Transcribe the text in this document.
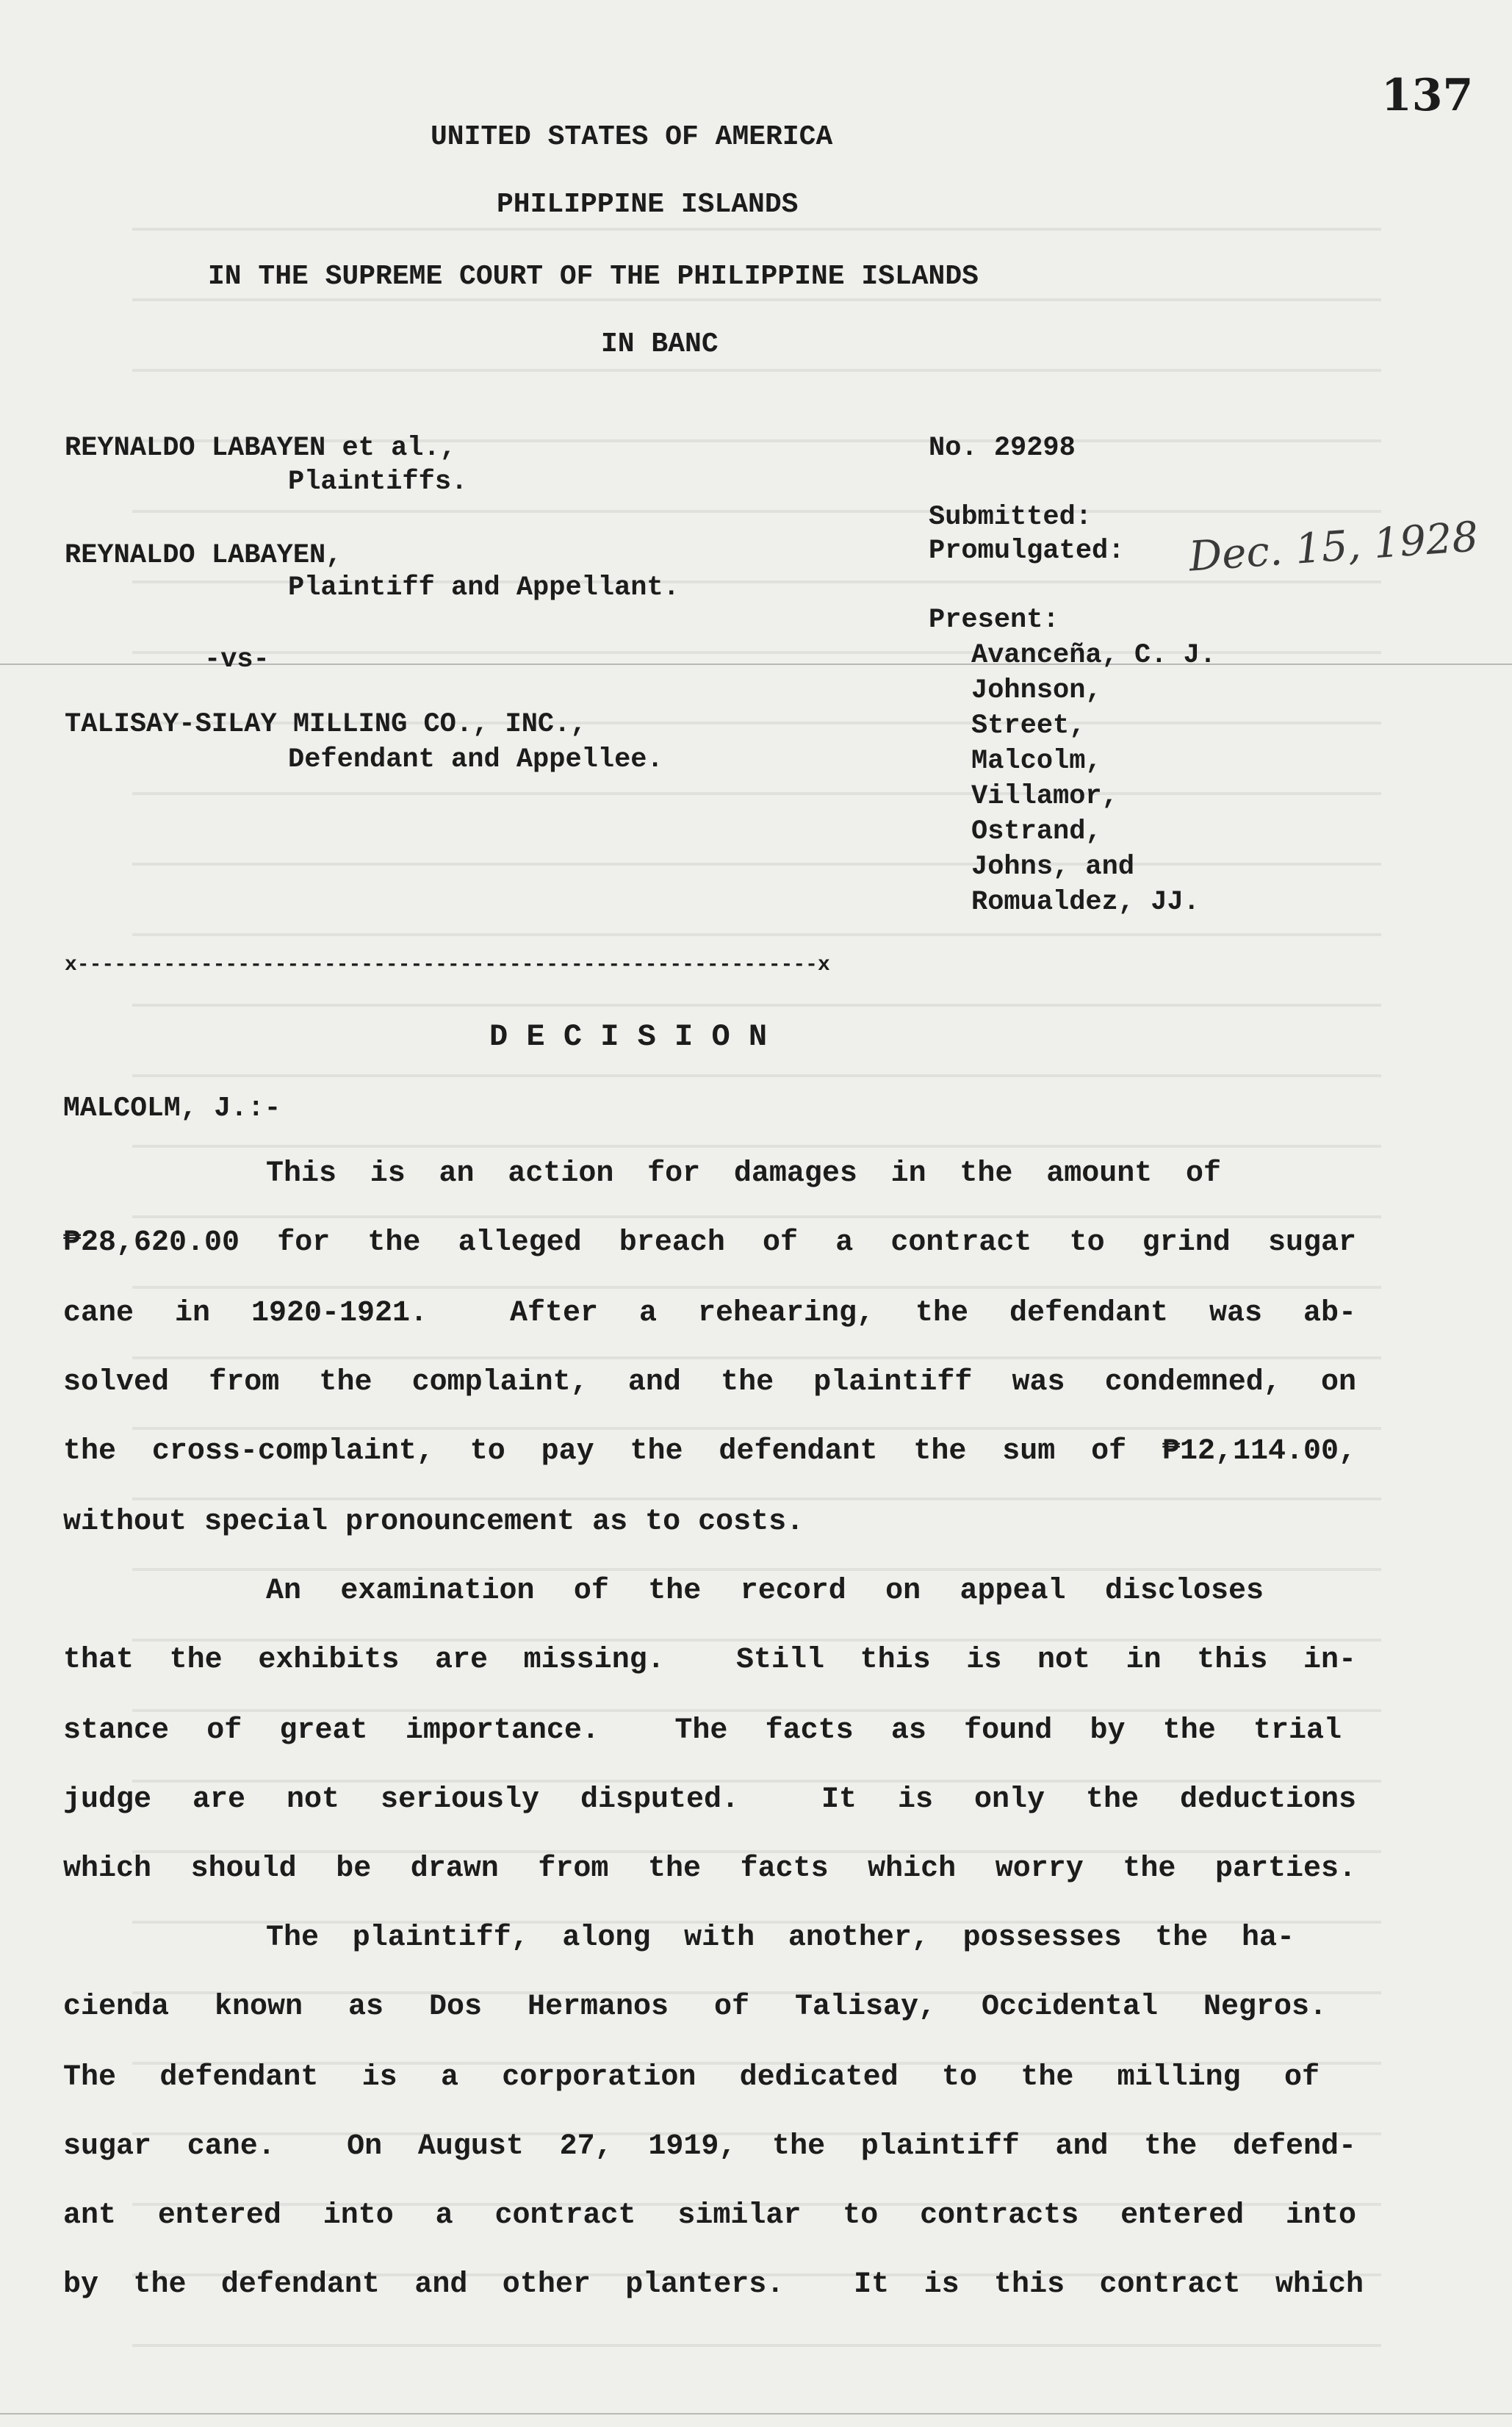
137
UNITED STATES OF AMERICA
PHILIPPINE ISLANDS
IN THE SUPREME COURT OF THE PHILIPPINE ISLANDS
IN BANC
REYNALDO LABAYEN et al.,
Plaintiffs.
REYNALDO LABAYEN,
Plaintiff and Appellant.
-vs-
TALISAY-SILAY MILLING CO., INC.,
Defendant and Appellee.
No. 29298
Submitted:
Promulgated: Dec. 15, 1928
Present:
Avanceña, C. J.
Johnson,
Street,
Malcolm,
Villamor,
Ostrand,
Johns, and
Romualdez, JJ.
x------------------------------------------------------------x
D E C I S I O N
MALCOLM, J.:-
This is an action for damages in the amount of
₱28,620.00 for the alleged breach of a contract to grind sugar
cane in 1920-1921.  After a rehearing, the defendant was ab-
solved from the complaint, and the plaintiff was condemned, on
the cross-complaint, to pay the defendant the sum of ₱12,114.00,
without special pronouncement as to costs.
An examination of the record on appeal discloses
that the exhibits are missing.  Still this is not in this in-
stance of great importance.  The facts as found by the trial
judge are not seriously disputed.  It is only the deductions
which should be drawn from the facts which worry the parties.
The plaintiff, along with another, possesses the ha-
cienda known as Dos Hermanos of Talisay, Occidental Negros.
The defendant is a corporation dedicated to the milling of
sugar cane.  On August 27, 1919, the plaintiff and the defend-
ant entered into a contract similar to contracts entered into
by the defendant and other planters.  It is this contract which
